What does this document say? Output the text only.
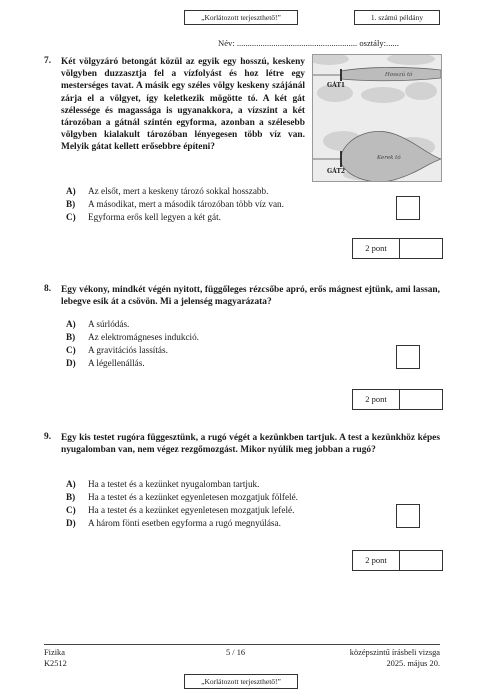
„Korlátozott terjeszthető!”	1. számú példány
Név: ........................................................ osztály:......
7. Két völgyzáró betongát közül az egyik egy hosszú, keskeny völgyben duzzasztja fel a vízfolyást és hoz létre egy mesterséges tavat. A másik egy széles völgy keskeny szájánál zárja el a völgyet, így keletkezik mögötte tó. A két gát szélessége és magassága is ugyanakkora, a vízszint a két tározóban a gátnál szintén egyforma, azonban a szélesebb völgyben kialakult tározóban lényegesen több víz van. Melyik gátat kellett erősebbre építeni?
Hosszú tó
GÁT1
Kerek tó
GÁT2
A)	Az elsőt, mert a keskeny tározó sokkal hosszabb.
B)	A másodikat, mert a második tározóban több víz van.
C)	Egyforma erős kell legyen a két gát.
2 pont
8. Egy vékony, mindkét végén nyitott, függőleges rézcsőbe apró, erős mágnest ejtünk, ami lassan, lebegve esik át a csövön. Mi a jelenség magyarázata?
A)	A súrlódás.
B)	Az elektromágneses indukció.
C)	A gravitációs lassítás.
D)	A légellenállás.
2 pont
9. Egy kis testet rugóra függesztünk, a rugó végét a kezünkben tartjuk. A test a kezünkhöz képes nyugalomban van, nem végez rezgőmozgást. Mikor nyúlik meg jobban a rugó?
A)	Ha a testet és a kezünket nyugalomban tartjuk.
B)	Ha a testet és a kezünket egyenletesen mozgatjuk fölfelé.
C)	Ha a testet és a kezünket egyenletesen mozgatjuk lefelé.
D)	A három fönti esetben egyforma a rugó megnyúlása.
2 pont
Fizika
K2512
5 / 16	középszintű írásbeli vizsga
2025. május 20.
„Korlátozott terjeszthető!”
